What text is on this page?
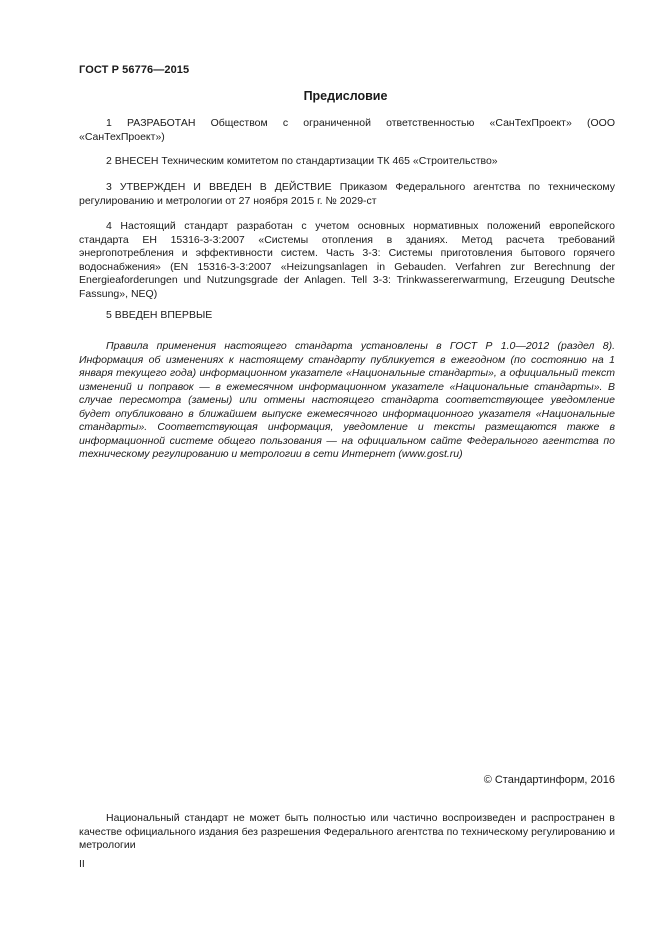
ГОСТ Р 56776—2015
Предисловие
1 РАЗРАБОТАН Обществом с ограниченной ответственностью «СанТехПроект» (ООО «СанТехПроект»)
2 ВНЕСЕН Техническим комитетом по стандартизации ТК 465 «Строительство»
3 УТВЕРЖДЕН И ВВЕДЕН В ДЕЙСТВИЕ Приказом Федерального агентства по техническому регулированию и метрологии от 27 ноября 2015 г. № 2029-ст
4 Настоящий стандарт разработан с учетом основных нормативных положений европейского стандарта ЕН 15316-3-3:2007 «Системы отопления в зданиях. Метод расчета требований энергопотребления и эффективности систем. Часть 3-3: Системы приготовления бытового горячего водоснабжения» (EN 15316-3-3:2007 «Heizungsanlagen in Gebauden. Verfahren zur Berechnung der Energieaforderungen und Nutzungsgrade der Anlagen. Tell 3-3: Trinkwassererwarmung, Erzeugung Deutsche Fassung», NEQ)
5 ВВЕДЕН ВПЕРВЫЕ
Правила применения настоящего стандарта установлены в ГОСТ Р 1.0—2012 (раздел 8). Информация об изменениях к настоящему стандарту публикуется в ежегодном (по состоянию на 1 января текущего года) информационном указателе «Национальные стандарты», а официальный текст изменений и поправок — в ежемесячном информационном указателе «Национальные стандарты». В случае пересмотра (замены) или отмены настоящего стандарта соответствующее уведомление будет опубликовано в ближайшем выпуске ежемесячного информационного указателя «Национальные стандарты». Соответствующая информация, уведомление и тексты размещаются также в информационной системе общего пользования — на официальном сайте Федерального агентства по техническому регулированию и метрологии в сети Интернет (www.gost.ru)
© Стандартинформ, 2016
Национальный стандарт не может быть полностью или частично воспроизведен и распространен в качестве официального издания без разрешения Федерального агентства по техническому регулированию и метрологии
II
